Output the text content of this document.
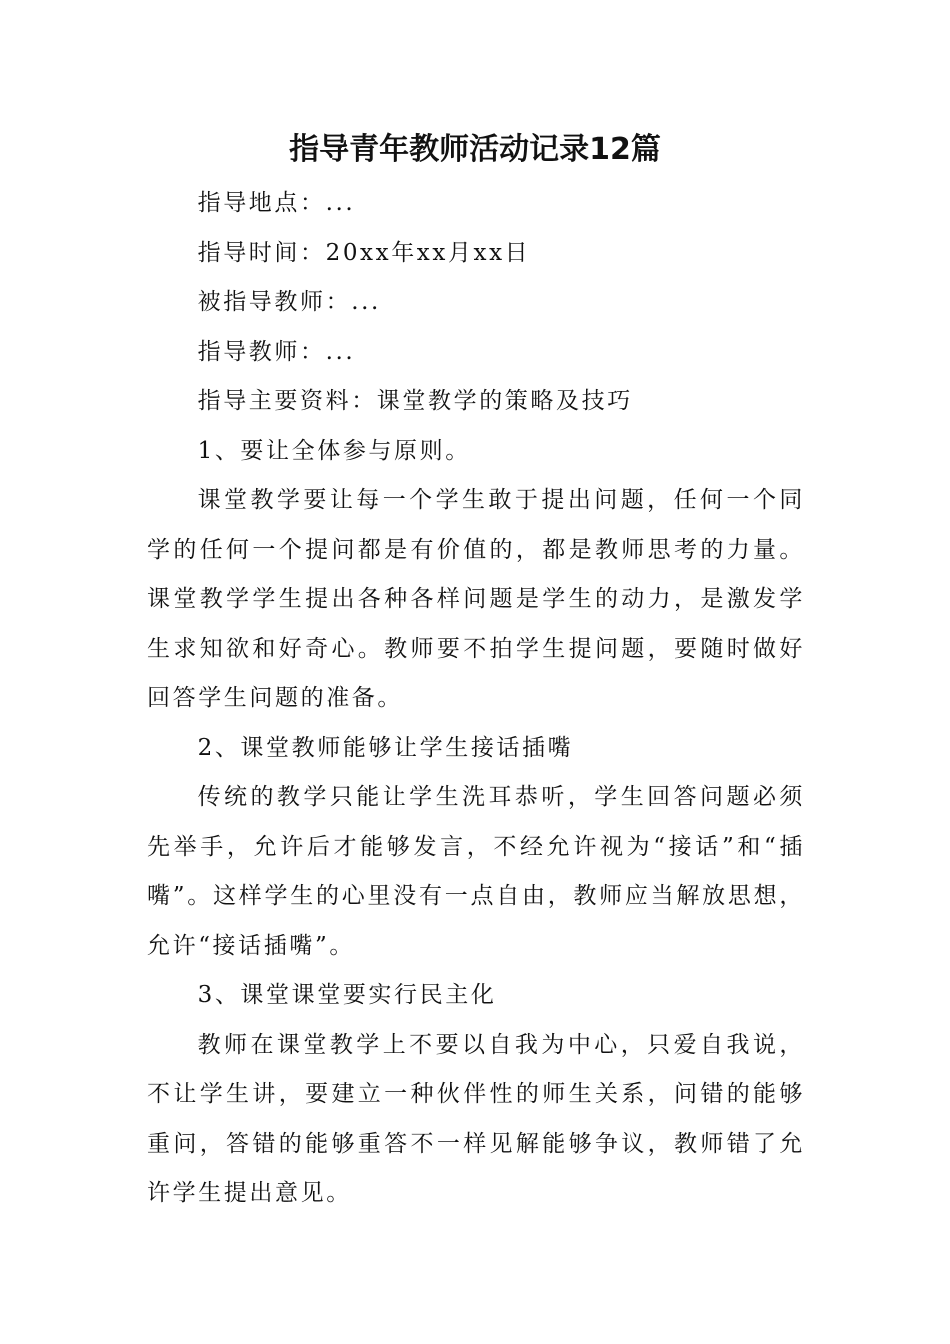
指导青年教师活动记录12篇

指导地点：...

指导时间：20xx年xx月xx日

被指导教师：...

指导教师：...

指导主要资料：课堂教学的策略及技巧

1、要让全体参与原则。

课堂教学要让每一个学生敢于提出问题，任何一个同学的任何一个提问都是有价值的，都是教师思考的力量。课堂教学学生提出各种各样问题是学生的动力，是激发学生求知欲和好奇心。教师要不拍学生提问题，要随时做好回答学生问题的准备。

2、课堂教师能够让学生接话插嘴

传统的教学只能让学生洗耳恭听，学生回答问题必须先举手，允许后才能够发言，不经允许视为“接话”和“插嘴”。这样学生的心里没有一点自由，教师应当解放思想，允许“接话插嘴”。

3、课堂课堂要实行民主化

教师在课堂教学上不要以自我为中心，只爱自我说，不让学生讲，要建立一种伙伴性的师生关系，问错的能够重问，答错的能够重答不一样见解能够争议，教师错了允许学生提出意见。
